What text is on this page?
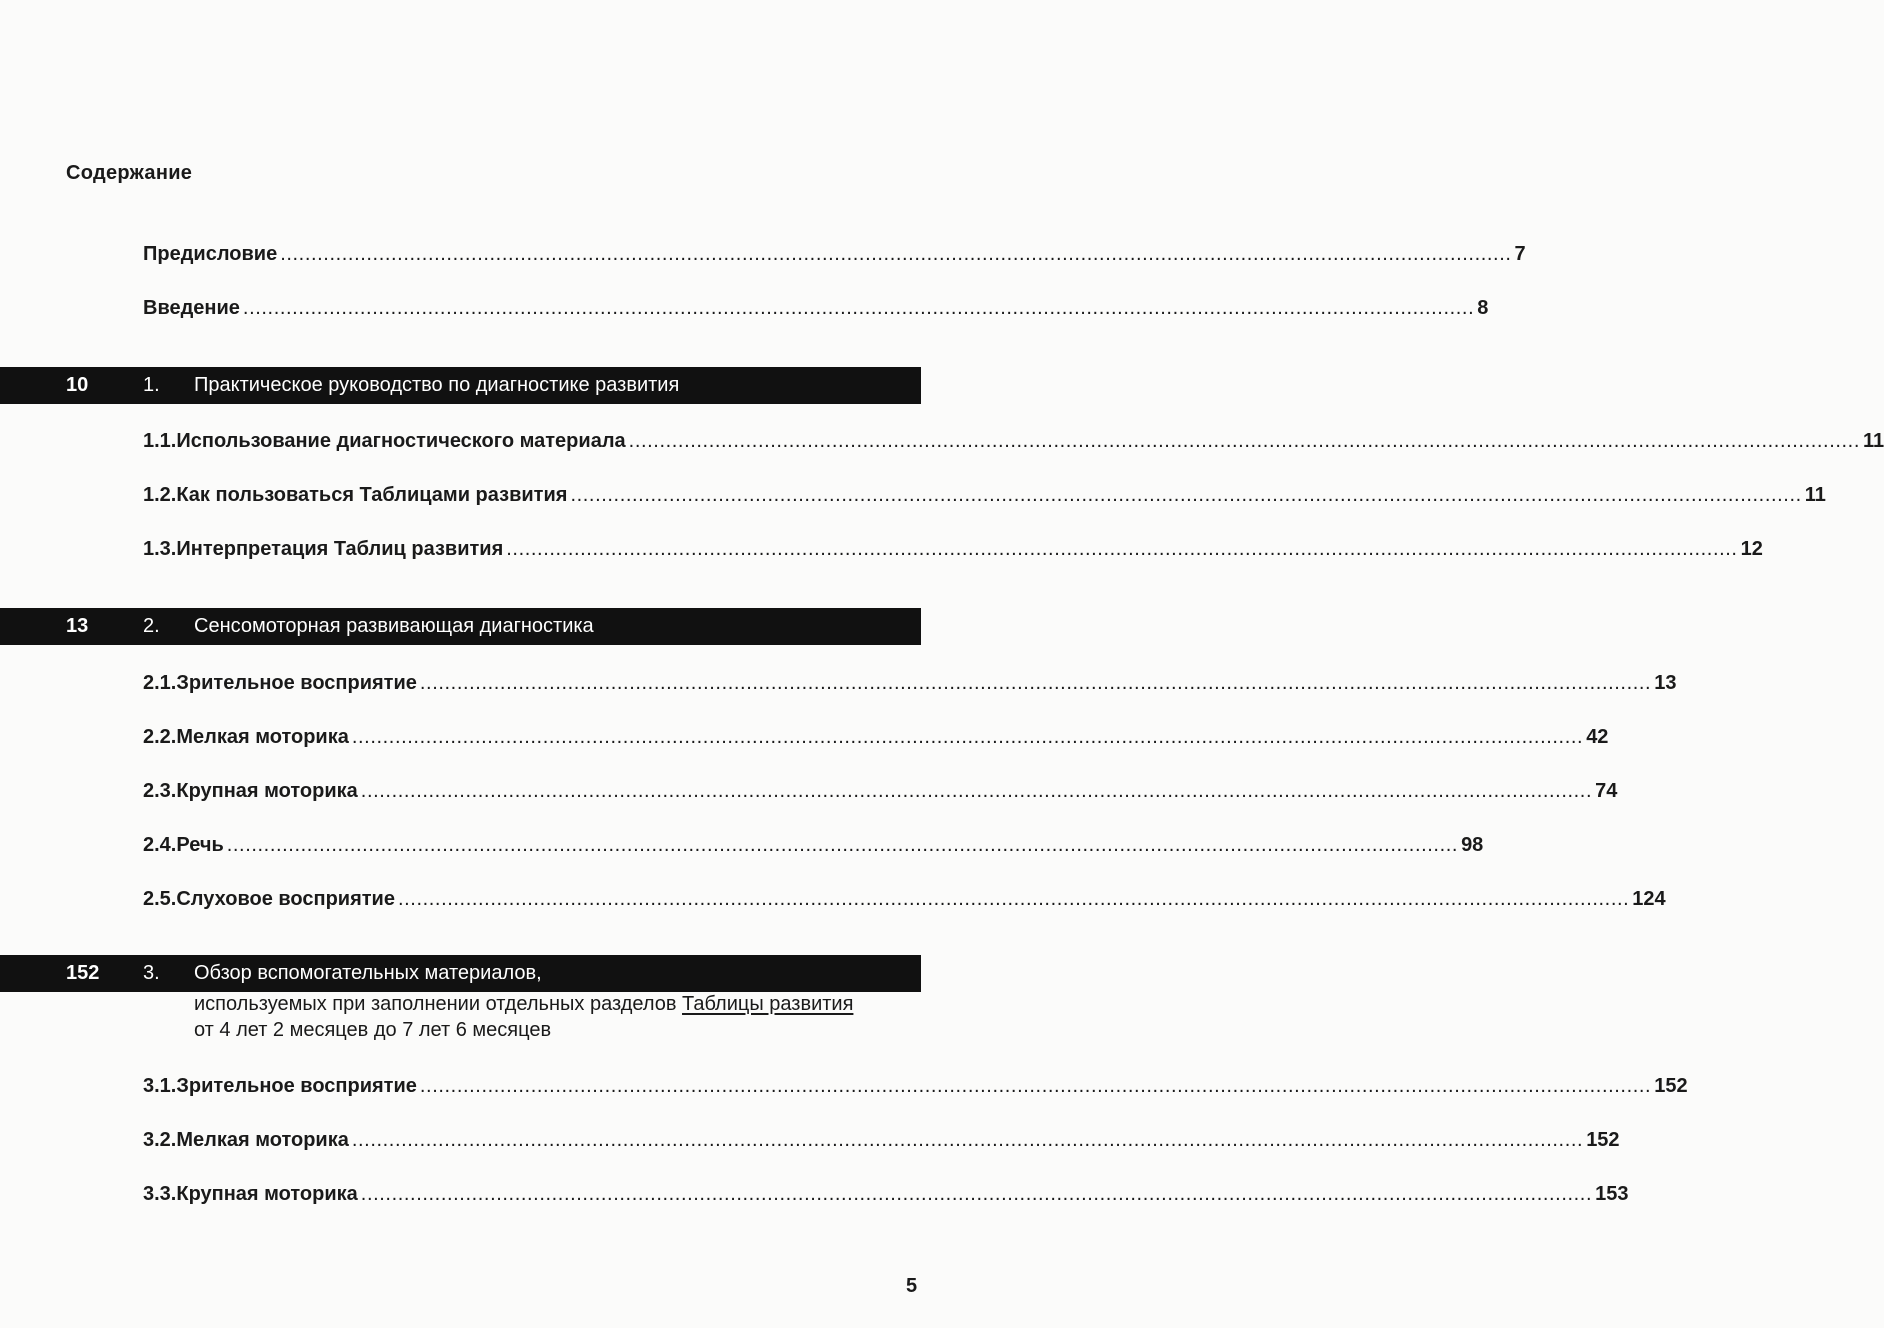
Содержание
Предисловие ........................................................................................................................................................................................................ 7
Введение ........................................................................................................................................................................................................ 8
10	1. Практическое руководство по диагностике развития
1.1. Использование диагностического материала ........................................................................................................................................................................................................ 11
1.2. Как пользоваться Таблицами развития ........................................................................................................................................................................................................ 11
1.3. Интерпретация Таблиц развития ........................................................................................................................................................................................................ 12
13	2. Сенсомоторная развивающая диагностика
2.1. Зрительное восприятие ........................................................................................................................................................................................................ 13
2.2. Мелкая моторика ........................................................................................................................................................................................................ 42
2.3. Крупная моторика ........................................................................................................................................................................................................ 74
2.4. Речь ........................................................................................................................................................................................................ 98
2.5. Слуховое восприятие ........................................................................................................................................................................................................ 124
152 3. Обзор вспомогательных материалов,
используемых при заполнении отдельных разделов Таблицы развития
от 4 лет 2 месяцев до 7 лет 6 месяцев
3.1. Зрительное восприятие ........................................................................................................................................................................................................ 152
3.2. Мелкая моторика ........................................................................................................................................................................................................ 152
3.3. Крупная моторика ........................................................................................................................................................................................................ 153
5
